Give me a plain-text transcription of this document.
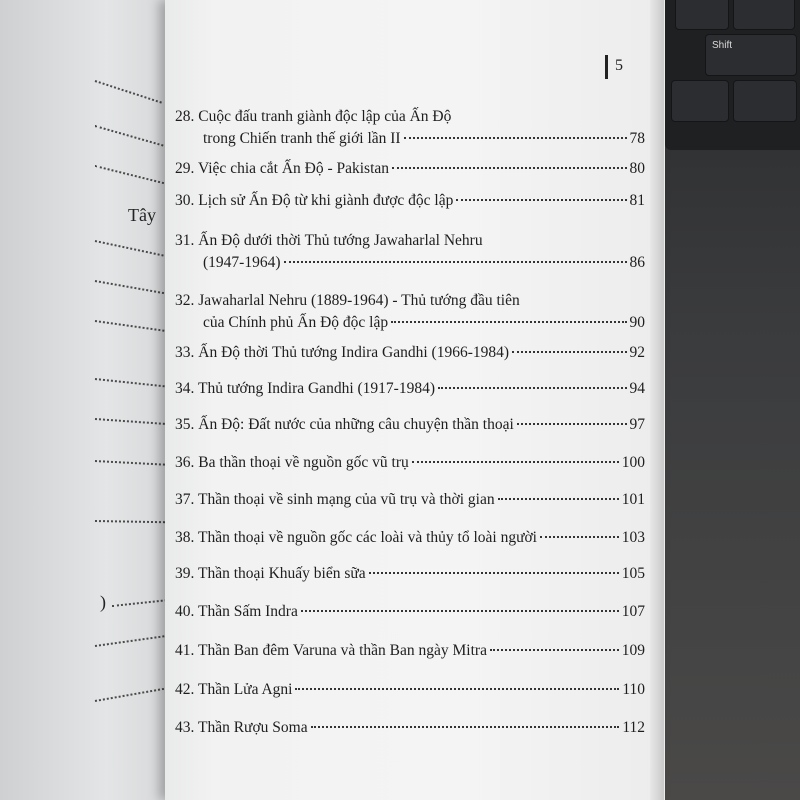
Shift
Tây
)
5
28. Cuộc đấu tranh giành độc lập của Ấn Độ
trong Chiến tranh thế giới lần II	78
29. Việc chia cắt Ấn Độ - Pakistan	80
30. Lịch sử Ấn Độ từ khi giành được độc lập	81
31. Ấn Độ dưới thời Thủ tướng Jawaharlal Nehru
(1947-1964)	86
32. Jawaharlal Nehru (1889-1964) - Thủ tướng đầu tiên
của Chính phủ Ấn Độ độc lập	90
33. Ấn Độ thời Thủ tướng Indira Gandhi (1966-1984)	92
34. Thủ tướng Indira Gandhi (1917-1984)	94
35. Ấn Độ: Đất nước của những câu chuyện thần thoại	97
36. Ba thần thoại về nguồn gốc vũ trụ	100
37. Thần thoại về sinh mạng của vũ trụ và thời gian	101
38. Thần thoại về nguồn gốc các loài và thủy tổ loài người	103
39. Thần thoại Khuấy biển sữa	105
40. Thần Sấm Indra	107
41. Thần Ban đêm Varuna và thần Ban ngày Mitra	109
42. Thần Lửa Agni	110
43. Thần Rượu Soma	112
